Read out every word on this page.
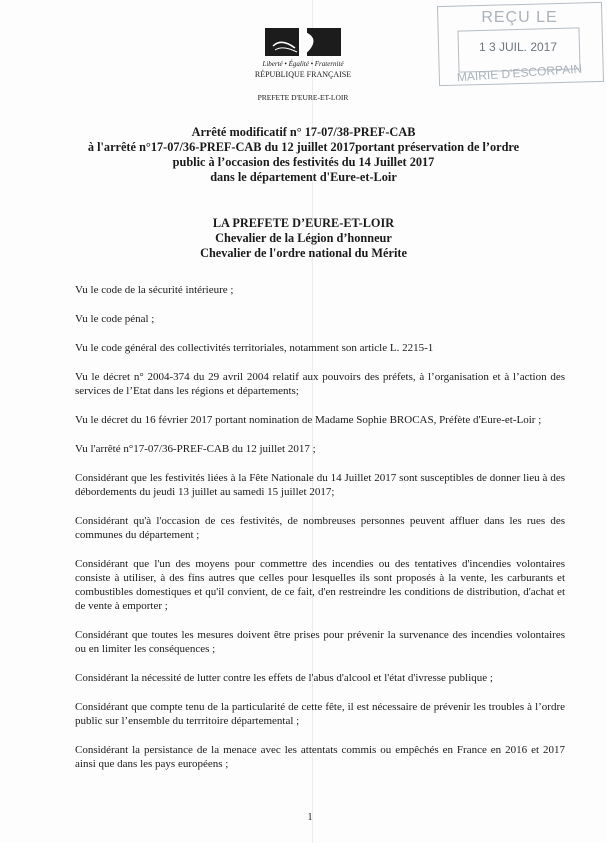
Liberté • Égalité • Fraternité
RÉPUBLIQUE FRANÇAISE
PREFETE D'EURE-ET-LOIR
REÇU LE
1 3 JUIL. 2017
MAIRIE D'ESCORPAIN
Arrêté modificatif n° 17-07/38-PREF-CAB
à l'arrêté n°17-07/36-PREF-CAB du 12 juillet 2017portant préservation de l’ordre
public à l’occasion des festivités du 14 Juillet 2017
dans le département d'Eure-et-Loir
LA PREFETE D’EURE-ET-LOIR
Chevalier de la Légion d’honneur
Chevalier de l'ordre national du Mérite

Vu le code de la sécurité intérieure ;

Vu le code pénal ;

Vu le code général des collectivités territoriales, notamment son article L. 2215-1

Vu le décret n° 2004-374 du 29 avril 2004 relatif aux pouvoirs des préfets, à l’organisation et à l’action des services de l’Etat dans les régions et départements;

Vu le décret du 16 février 2017 portant nomination de Madame Sophie BROCAS, Préfète d'Eure-et-Loir ;

Vu l'arrêté n°17-07/36-PREF-CAB du 12 juillet 2017 ;

Considérant que les festivités liées à la Fête Nationale du 14 Juillet 2017 sont susceptibles de donner lieu à des débordements du jeudi 13 juillet au samedi 15 juillet 2017;

Considérant qu'à l'occasion de ces festivités, de nombreuses personnes peuvent affluer dans les rues des communes du département ;

Considérant que l'un des moyens pour commettre des incendies ou des tentatives d'incendies volontaires consiste à utiliser, à des fins autres que celles pour lesquelles ils sont proposés à la vente, les carburants et combustibles domestiques et qu'il convient, de ce fait, d'en restreindre les conditions de distribution, d'achat et de vente à emporter ;

Considérant que toutes les mesures doivent être prises pour prévenir la survenance des incendies volontaires ou en limiter les conséquences ;

Considérant la nécessité de lutter contre les effets de l'abus d'alcool et l'état d'ivresse publique ;

Considérant que compte tenu de la particularité de cette fête, il est nécessaire de prévenir les troubles à l’ordre public sur l’ensemble du terrritoire départemental ;

Considérant la persistance de la menace avec les attentats commis ou empêchés en France en 2016 et 2017 ainsi que dans les pays européens ;

1
